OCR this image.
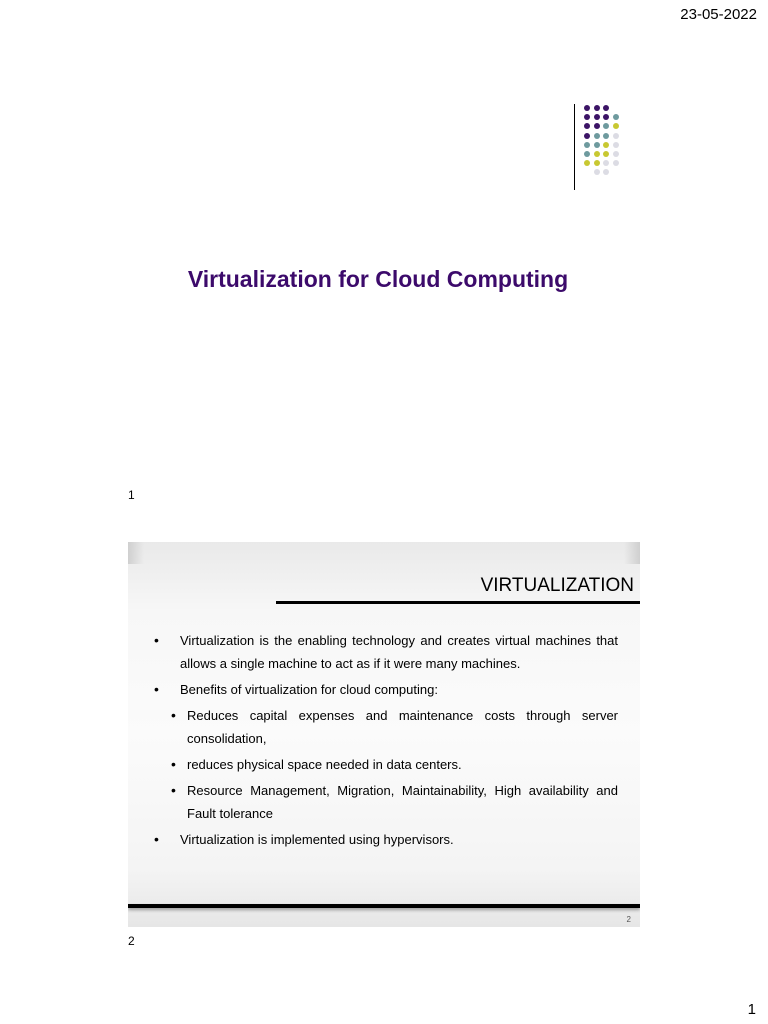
23-05-2022
Virtualization for Cloud Computing
1
VIRTUALIZATION
• Virtualization is the enabling technology and creates virtual machines that allows a single machine to act as if it were many machines.
• Benefits of virtualization for cloud computing:
• Reduces capital expenses and maintenance costs through server consolidation,
• reduces physical space needed in data centers.
• Resource Management, Migration, Maintainability, High availability and Fault tolerance
• Virtualization is implemented using hypervisors.
2
2
1
